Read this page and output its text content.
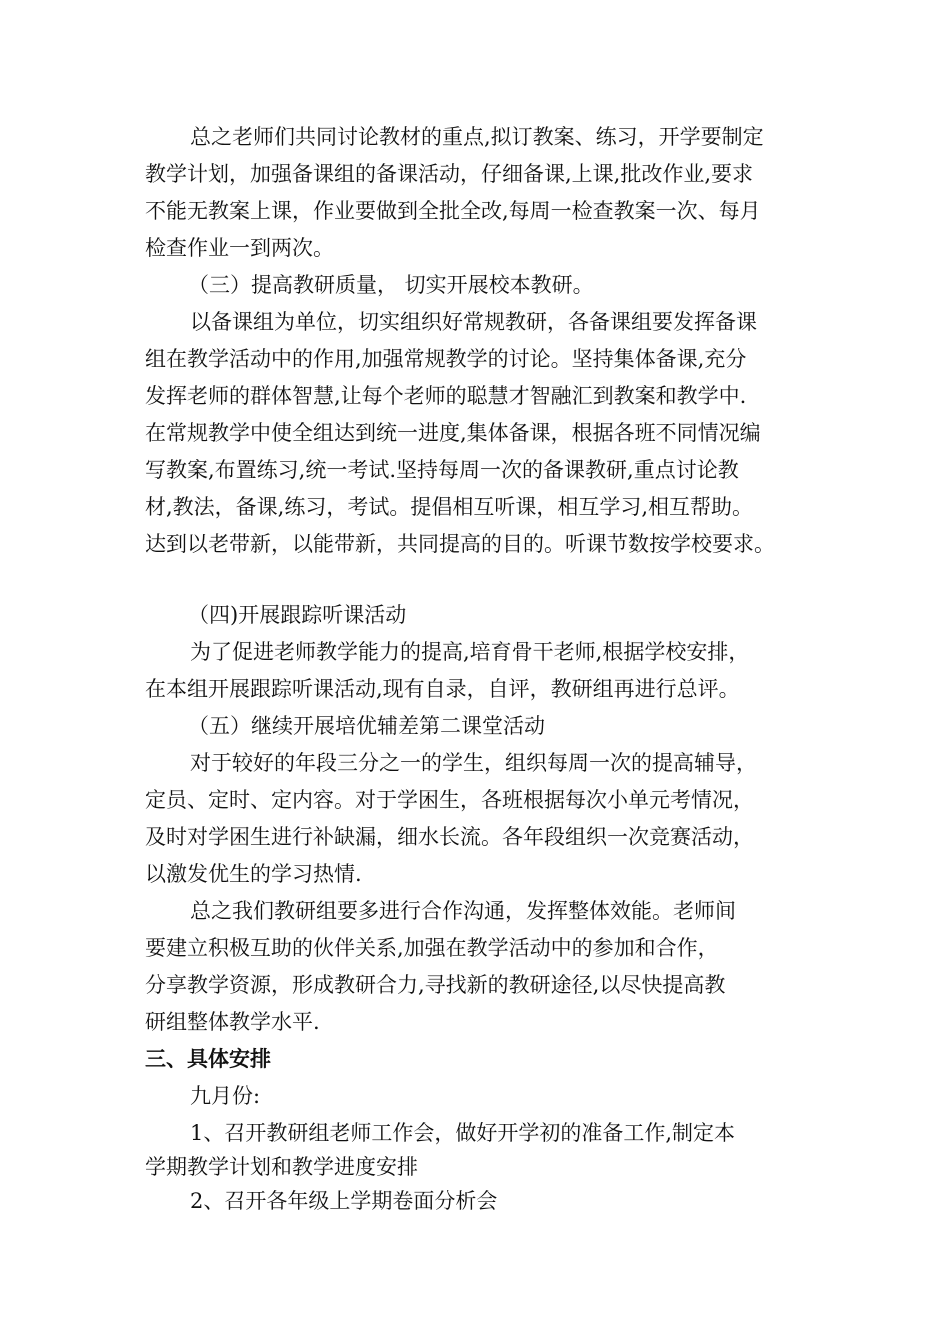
总之老师们共同讨论教材的重点,拟订教案、练习，开学要制定
教学计划，加强备课组的备课活动，仔细备课,上课,批改作业,要求
不能无教案上课，作业要做到全批全改,每周一检查教案一次、每月
检查作业一到两次。
（三）提高教研质量， 切实开展校本教研。
以备课组为单位，切实组织好常规教研，各备课组要发挥备课
组在教学活动中的作用,加强常规教学的讨论。坚持集体备课,充分
发挥老师的群体智慧,让每个老师的聪慧才智融汇到教案和教学中.
在常规教学中使全组达到统一进度,集体备课，根据各班不同情况编
写教案,布置练习,统一考试.坚持每周一次的备课教研,重点讨论教
材,教法，备课,练习，考试。提倡相互听课，相互学习,相互帮助。
达到以老带新，以能带新，共同提高的目的。听课节数按学校要求。
（四)开展跟踪听课活动
为了促进老师教学能力的提高,培育骨干老师,根据学校安排，
在本组开展跟踪听课活动,现有自录，自评，教研组再进行总评。
（五）继续开展培优辅差第二课堂活动
对于较好的年段三分之一的学生，组织每周一次的提高辅导，
定员、定时、定内容。对于学困生，各班根据每次小单元考情况，
及时对学困生进行补缺漏，细水长流。各年段组织一次竞赛活动，
以激发优生的学习热情.
总之我们教研组要多进行合作沟通，发挥整体效能。老师间
要建立积极互助的伙伴关系,加强在教学活动中的参加和合作，
分享教学资源，形成教研合力,寻找新的教研途径,以尽快提高教
研组整体教学水平.
三、具体安排
九月份:
1、召开教研组老师工作会，做好开学初的准备工作,制定本
学期教学计划和教学进度安排
2、召开各年级上学期卷面分析会
